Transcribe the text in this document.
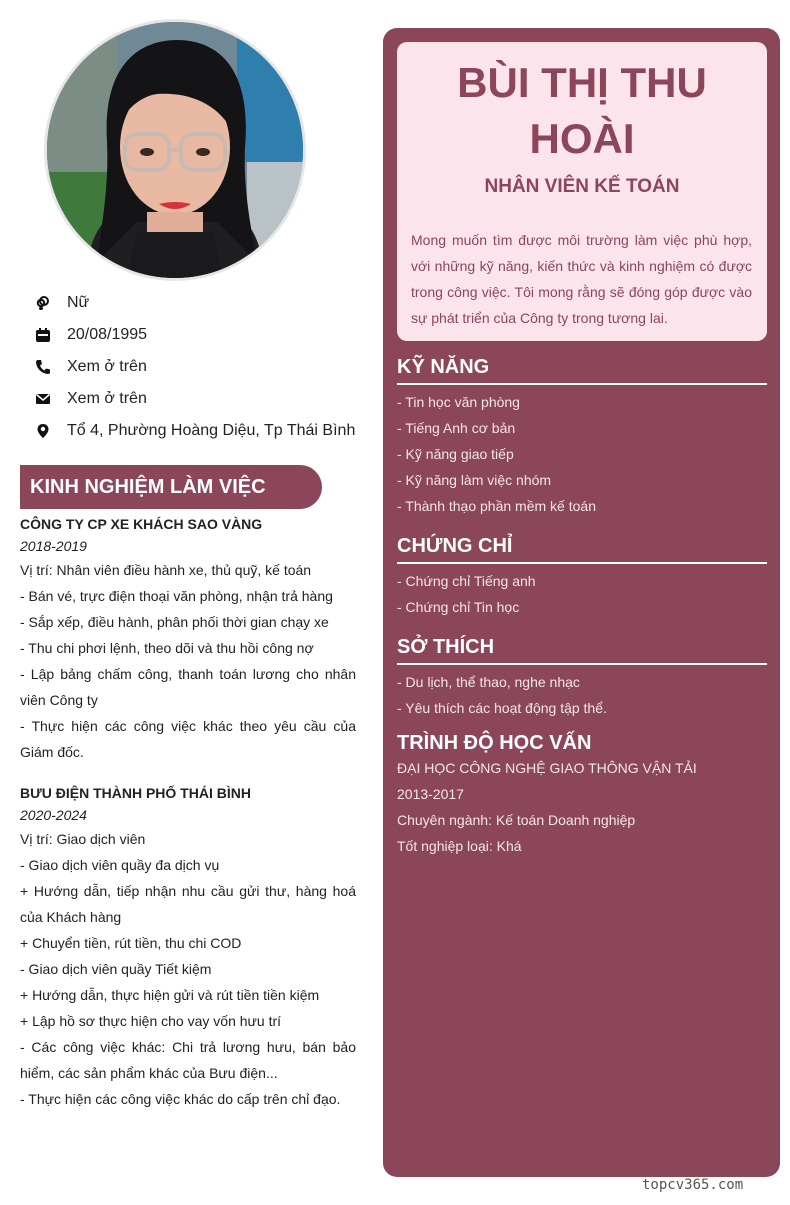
Nữ
20/08/1995
Xem ở trên
Xem ở trên
Tổ 4, Phường Hoàng Diệu, Tp Thái Bình
KINH NGHIỆM LÀM VIỆC
CÔNG TY CP XE KHÁCH SAO VÀNG
2018-2019
Vị trí: Nhân viên điều hành xe, thủ quỹ, kế toán
- Bán vé, trực điện thoại văn phòng, nhận trả hàng
- Sắp xếp, điều hành, phân phối thời gian chạy xe
- Thu chi phơi lệnh, theo dõi và thu hồi công nợ
- Lập bảng chấm công, thanh toán lương cho nhân viên Công ty
- Thực hiện các công việc khác theo yêu cầu của Giám đốc.
BƯU ĐIỆN THÀNH PHỐ THÁI BÌNH
2020-2024
Vị trí: Giao dịch viên
- Giao dịch viên quầy đa dịch vụ
+ Hướng dẫn, tiếp nhận nhu cầu gửi thư, hàng hoá của Khách hàng
+ Chuyển tiền, rút tiền, thu chi COD
- Giao dịch viên quầy Tiết kiệm
+ Hướng dẫn, thực hiện gửi và rút tiền tiền kiệm
+ Lập hồ sơ thực hiện cho vay vốn hưu trí
- Các công việc khác: Chi trả lương hưu, bán bảo hiểm, các sản phẩm khác của Bưu điện...
- Thực hiện các công việc khác do cấp trên chỉ đạo.
BÙI THỊ THU
HOÀI
NHÂN VIÊN KẾ TOÁN
Mong muốn tìm được môi trường làm việc phù hợp, với những kỹ năng, kiến thức và kinh nghiệm có được trong công việc. Tôi mong rằng sẽ đóng góp được vào sự phát triển của Công ty trong tương lai.
KỸ NĂNG
- Tin học văn phòng
- Tiếng Anh cơ bản
- Kỹ năng giao tiếp
- Kỹ năng làm việc nhóm
- Thành thạo phần mềm kế toán
CHỨNG CHỈ
- Chứng chỉ Tiếng anh
- Chứng chỉ Tin học
SỞ THÍCH
- Du lịch, thể thao, nghe nhạc
- Yêu thích các hoạt động tập thể.
TRÌNH ĐỘ HỌC VẤN
ĐẠI HỌC CÔNG NGHỆ GIAO THÔNG VẬN TẢI
2013-2017
Chuyên ngành: Kế toán Doanh nghiệp
Tốt nghiệp loại: Khá
topcv365.com
